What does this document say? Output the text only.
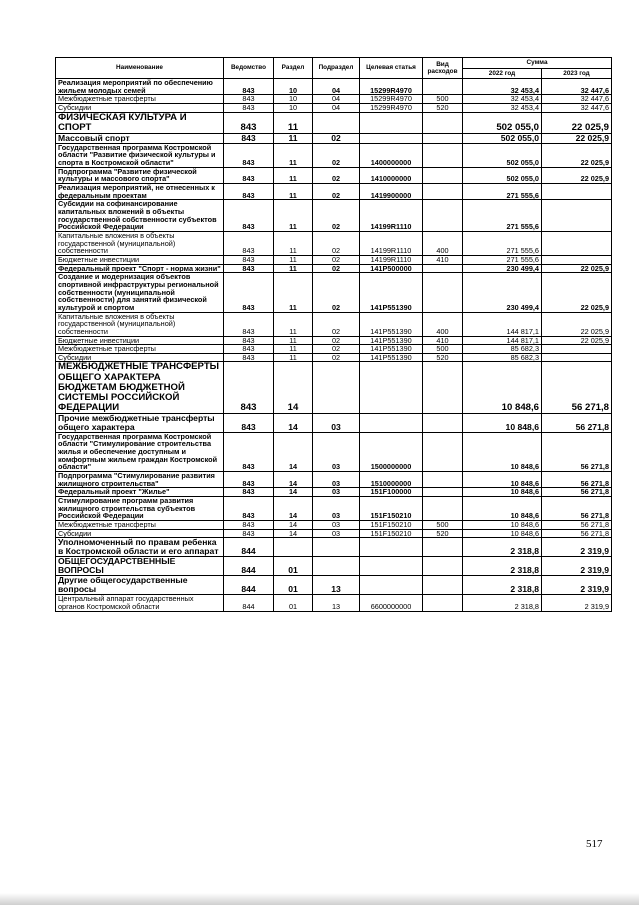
Наименование	Ведомство	Раздел	Подраздел	Целевая статья	Вид расходов	Сумма	
						2022 год	2023 год
Реализация мероприятий по обеспечению жильем молодых семей	843	10	04	15299R4970		32 453,4	32 447,6
Межбюджетные трансферты	843	10	04	15299R4970	500	32 453,4	32 447,6
Субсидии	843	10	04	15299R4970	520	32 453,4	32 447,6
ФИЗИЧЕСКАЯ КУЛЬТУРА И СПОРТ	843	11				502 055,0	22 025,9
Массовый спорт	843	11	02			502 055,0	22 025,9
Государственная программа Костромской области "Развитие физической культуры и спорта в Костромской области"	843	11	02	1400000000		502 055,0	22 025,9
Подпрограмма "Развитие физической культуры и массового спорта"	843	11	02	1410000000		502 055,0	22 025,9
Реализация мероприятий, не отнесенных к федеральным проектам	843	11	02	1419900000		271 555,6	
Субсидии на софинансирование капитальных вложений в объекты государственной собственности субъектов Российской Федерации	843	11	02	14199R1110		271 555,6	
Капитальные вложения в объекты государственной (муниципальной) собственности	843	11	02	14199R1110	400	271 555,6	
Бюджетные инвестиции	843	11	02	14199R1110	410	271 555,6	
Федеральный проект "Спорт - норма жизни"	843	11	02	141P500000		230 499,4	22 025,9
Создание и модернизация объектов спортивной инфраструктуры региональной собственности (муниципальной собственности) для занятий физической культурой и спортом	843	11	02	141P551390		230 499,4	22 025,9
Капитальные вложения в объекты государственной (муниципальной) собственности	843	11	02	141P551390	400	144 817,1	22 025,9
Бюджетные инвестиции	843	11	02	141P551390	410	144 817,1	22 025,9
Межбюджетные трансферты	843	11	02	141P551390	500	85 682,3	
Субсидии	843	11	02	141P551390	520	85 682,3	
МЕЖБЮДЖЕТНЫЕ ТРАНСФЕРТЫ ОБЩЕГО ХАРАКТЕРА БЮДЖЕТАМ БЮДЖЕТНОЙ СИСТЕМЫ РОССИЙСКОЙ ФЕДЕРАЦИИ	843	14				10 848,6	56 271,8
Прочие межбюджетные трансферты общего характера	843	14	03			10 848,6	56 271,8
Государственная программа Костромской области "Стимулирование строительства жилья и обеспечение доступным и комфортным жильем граждан Костромской области"	843	14	03	1500000000		10 848,6	56 271,8
Подпрограмма "Стимулирование развития жилищного строительства"	843	14	03	1510000000		10 848,6	56 271,8
Федеральный проект "Жилье"	843	14	03	151F100000		10 848,6	56 271,8
Стимулирование программ развития жилищного строительства субъектов Российской Федерации	843	14	03	151F150210		10 848,6	56 271,8
Межбюджетные трансферты	843	14	03	151F150210	500	10 848,6	56 271,8
Субсидии	843	14	03	151F150210	520	10 848,6	56 271,8
Уполномоченный по правам ребенка в Костромской области и его аппарат	844					2 318,8	2 319,9
ОБЩЕГОСУДАРСТВЕННЫЕ ВОПРОСЫ	844	01				2 318,8	2 319,9
Другие общегосударственные вопросы	844	01	13			2 318,8	2 319,9
Центральный аппарат государственных органов Костромской области	844	01	13	6600000000		2 318,8	2 319,9
517
